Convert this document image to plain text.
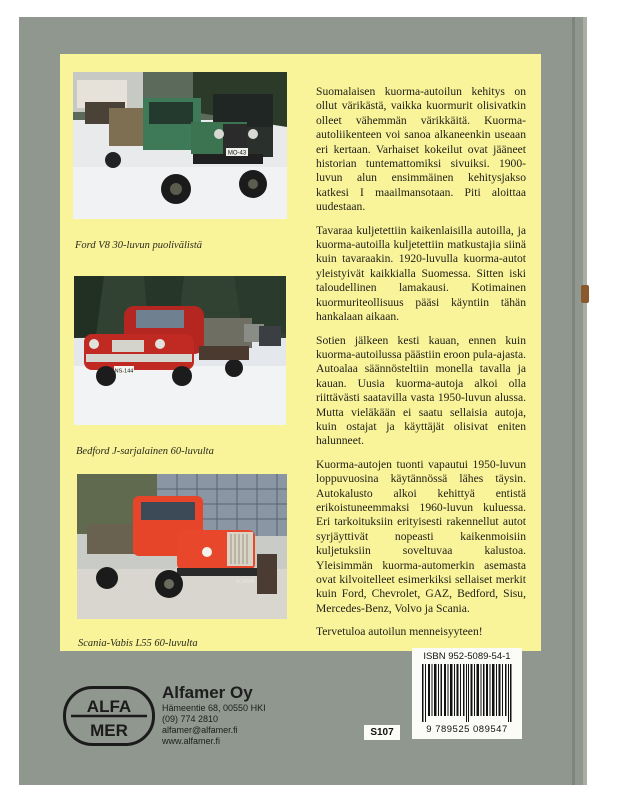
MO-43
Ford V8 30-luvun puolivälistä
NS-144
Bedford J-sarjalainen 60-luvulta
SCANIA
Scania-Vabis L55 60-luvulta

Suomalaisen kuorma-autoilun kehitys on ollut värikästä, vaikka kuormurit olisivatkin olleet vähemmän värikkäitä. Kuorma-autoliikenteen voi sanoa alkaneenkin useaan eri kertaan. Varhaiset kokeilut ovat jääneet historian tuntemattomiksi sivuiksi. 1900-luvun alun ensimmäinen kehitysjakso katkesi I maailmansotaan. Piti aloittaa uudestaan.

Tavaraa kuljetettiin kaikenlaisilla autoilla, ja kuorma-autoilla kuljetettiin matkustajia siinä kuin tavaraakin. 1920-luvulla kuorma-autot yleistyivät kaikkialla Suomessa. Sitten iski taloudellinen lamakausi. Kotimainen kuormuriteollisuus pääsi käyntiin tähän hankalaan aikaan.

Sotien jälkeen kesti kauan, ennen kuin kuorma-autoilussa päästiin eroon pula-ajasta. Autoalaa säännösteltiin monella tavalla ja kauan. Uusia kuorma-autoja alkoi olla riittävästi saatavilla vasta 1950-luvun alussa. Mutta vieläkään ei saatu sellaisia autoja, kuin ostajat ja käyttäjät olisivat eniten halunneet.

Kuorma-autojen tuonti vapautui 1950-luvun loppuvuosina käytännössä lähes täysin. Autokalusto alkoi kehittyä entistä erikoistuneemmaksi 1960-luvun kuluessa. Eri tarkoituksiin erityisesti rakennellut autot syrjäyttivät nopeasti kaikenmoisiin kuljetuksiin soveltuvaa kalustoa. Yleisimmän kuorma-automerkin asemasta ovat kilvoitelleet esimerkiksi sellaiset merkit kuin Ford, Chevrolet, GAZ, Bedford, Sisu, Mercedes-Benz, Volvo ja Scania.

Tervetuloa autoilun menneisyyteen!

ALFA
MER
Alfamer Oy
Hämeentie 68, 00550 HKI
(09) 774 2810
alfamer@alfamer.fi
www.alfamer.fi
S107
ISBN 952-5089-54-1
9 789525 089547
